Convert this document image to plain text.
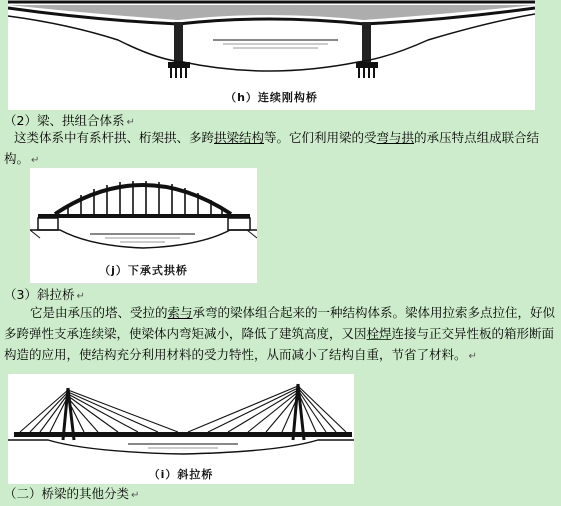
（h）连续刚构桥
（2）梁、拱组合体系 ↵
这类体系中有系杆拱、桁架拱、多跨拱梁结构等。它们利用梁的受弯与拱的承压特点组成联合结构。 ↵
（j）下承式拱桥
（3）斜拉桥 ↵
它是由承压的塔、受拉的索与承弯的梁体组合起来的一种结构体系。梁体用拉索多点拉住，好似多跨弹性支承连续梁，使梁体内弯矩减小，降低了建筑高度，又因栓焊连接与正交异性板的箱形断面构造的应用，使结构充分利用材料的受力特性，从而减小了结构自重，节省了材料。 ↵
（i）斜拉桥
（二）桥梁的其他分类 ↵
